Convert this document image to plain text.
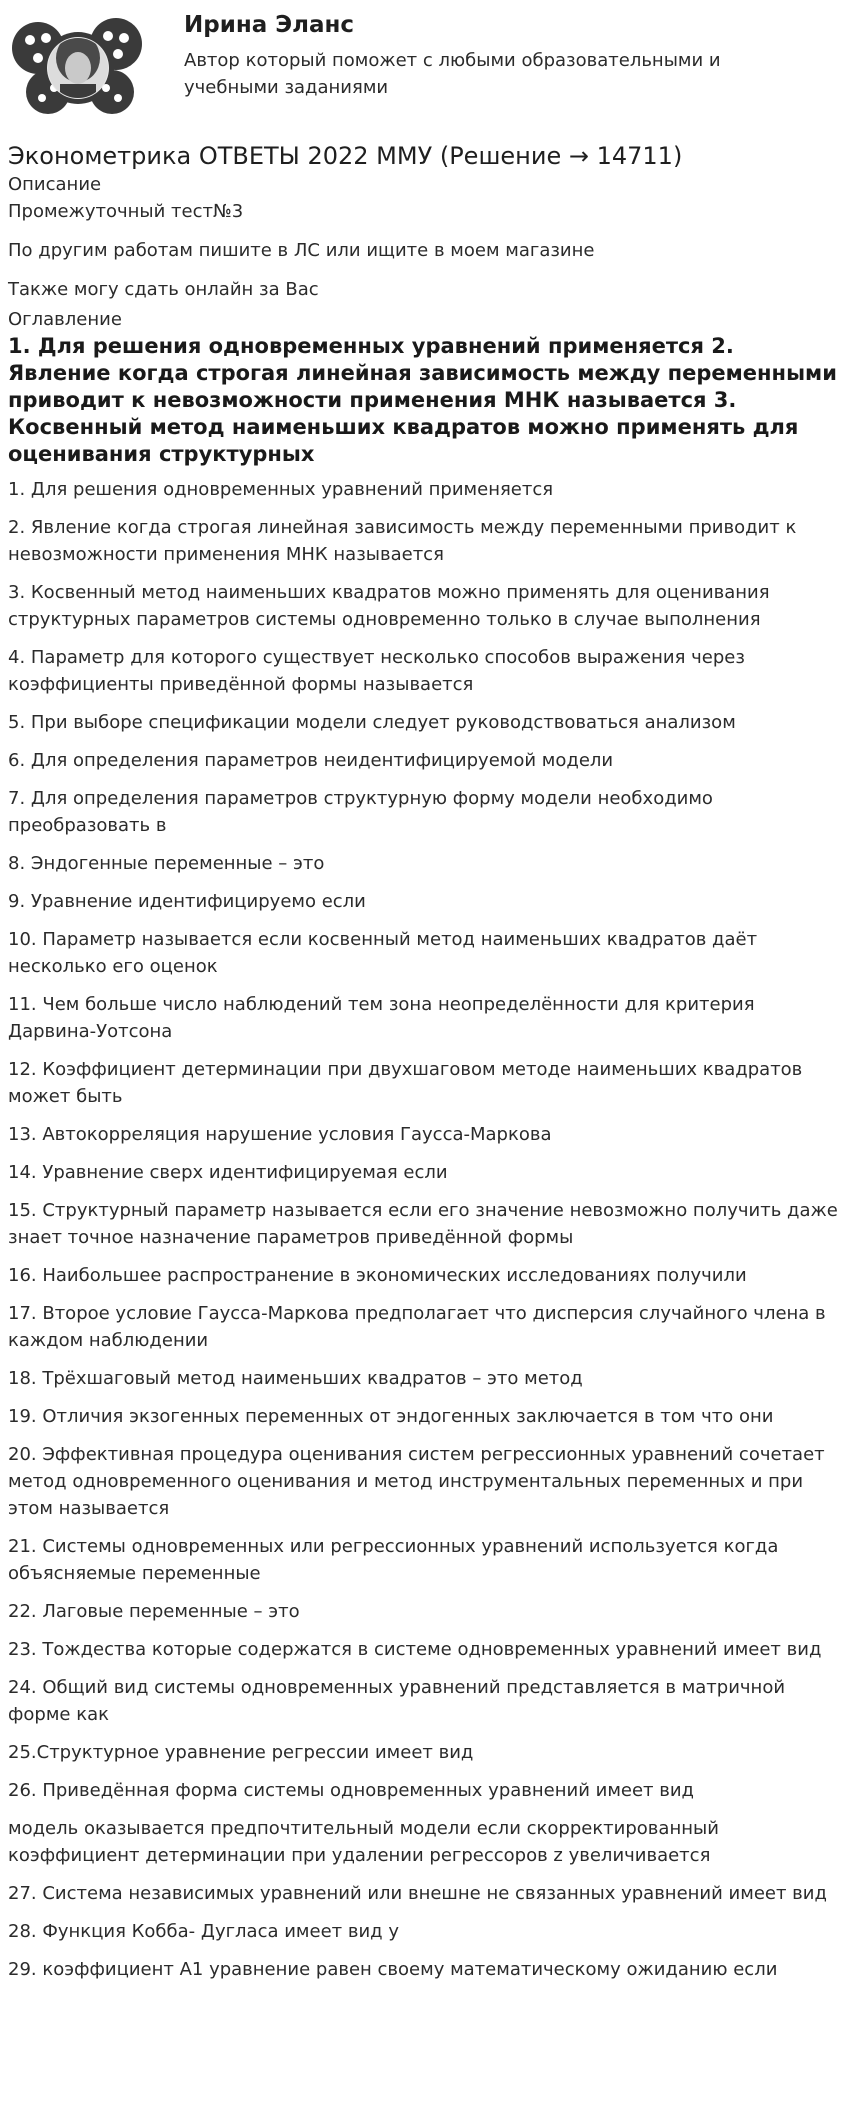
Ирина Эланс
Автор который поможет с любыми образовательными и учебными заданиями
Эконометрика ОТВЕТЫ 2022 ММУ (Решение → 14711)
Описание

Промежуточный тест№3

По другим работам пишите в ЛС или ищите в моем магазине

Также могу сдать онлайн за Вас

Оглавление
1. Для решения одновременных уравнений применяется 2. Явление когда строгая линейная зависимость между переменными приводит к невозможности применения МНК называется 3. Косвенный метод наименьших квадратов можно применять для оценивания структурных

1. Для решения одновременных уравнений применяется

2. Явление когда строгая линейная зависимость между переменными приводит к невозможности применения МНК называется

3. Косвенный метод наименьших квадратов можно применять для оценивания структурных параметров системы одновременно только в случае выполнения

4. Параметр для которого существует несколько способов выражения через коэффициенты приведённой формы называется

5. При выборе спецификации модели следует руководствоваться анализом

6. Для определения параметров неидентифицируемой модели

7. Для определения параметров структурную форму модели необходимо преобразовать в

8. Эндогенные переменные – это

9. Уравнение идентифицируемо если

10. Параметр называется если косвенный метод наименьших квадратов даёт несколько его оценок

11. Чем больше число наблюдений тем зона неопределённости для критерия Дарвина-Уотсона

12. Коэффициент детерминации при двухшаговом методе наименьших квадратов может быть

13. Автокорреляция нарушение условия Гаусса-Маркова

14. Уравнение сверх идентифицируемая если

15. Структурный параметр называется если его значение невозможно получить даже знает точное назначение параметров приведённой формы

16. Наибольшее распространение в экономических исследованиях получили

17. Второе условие Гаусса-Маркова предполагает что дисперсия случайного члена в каждом наблюдении

18. Трёхшаговый метод наименьших квадратов – это метод

19. Отличия экзогенных переменных от эндогенных заключается в том что они

20. Эффективная процедура оценивания систем регрессионных уравнений сочетает метод одновременного оценивания и метод инструментальных переменных и при этом называется

21. Системы одновременных или регрессионных уравнений используется когда объясняемые переменные

22. Лаговые переменные – это

23. Тождества которые содержатся в системе одновременных уравнений имеет вид

24. Общий вид системы одновременных уравнений представляется в матричной форме как

25.Структурное уравнение регрессии имеет вид

26. Приведённая форма системы одновременных уравнений имеет вид

модель оказывается предпочтительный модели если скорректированный коэффициент детерминации при удалении регрессоров z увеличивается

27. Система независимых уравнений или внешне не связанных уравнений имеет вид

28. Функция Кобба- Дугласа имеет вид y

29. коэффициент A1 уравнение равен своему математическому ожиданию если
